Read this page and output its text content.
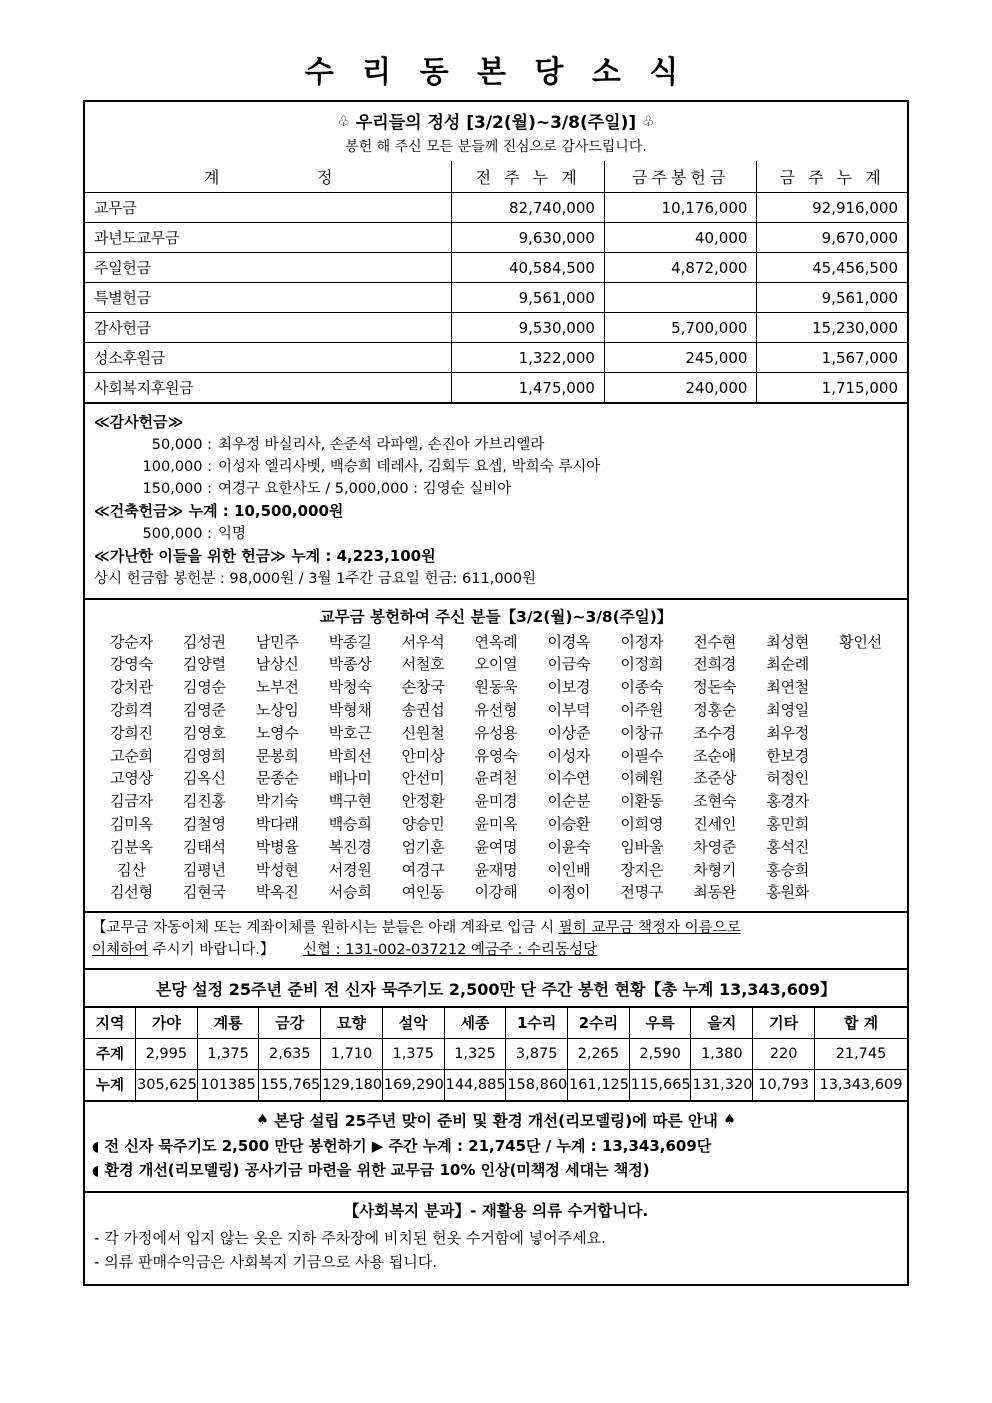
수 리 동 본 당 소 식
♧ 우리들의 정성 [3/2(월)~3/8(주일)] ♧
봉헌 해 주신 모든 분들께 진심으로 감사드립니다.
계 정	전 주 누 계	금주봉헌금	금 주 누 계
교무금	82,740,000	10,176,000	92,916,000
과년도교무금	9,630,000	40,000	9,670,000
주일헌금	40,584,500	4,872,000	45,456,500
특별헌금	9,561,000		9,561,000
감사헌금	9,530,000	5,700,000	15,230,000
성소후원금	1,322,000	245,000	1,567,000
사회복지후원금	1,475,000	240,000	1,715,000
≪감사헌금≫
50,000 : 최우정 바실리사, 손준석 라파엘, 손진아 가브리엘라
100,000 : 이성자 엘리사벳, 백승희 데레사, 김회두 요셉, 박희숙 루시아
150,000 : 여경구 요한사도 / 5,000,000 : 김영순 실비아
≪건축헌금≫ 누계 : 10,500,000원
500,000 : 익명
≪가난한 이들을 위한 헌금≫ 누계 : 4,223,100원
상시 헌금함 봉헌분 : 98,000원 / 3월 1주간 금요일 헌금: 611,000원
교무금 봉헌하여 주신 분들【3/2(월)~3/8(주일)】
강순자	김성권	남민주	박종길	서우석	연옥례	이경옥	이정자	전수현	최성현	황인선
강영숙	김양렬	남상신	박종상	서철호	오이열	이금숙	이정희	전희경	최순례
강치관	김영순	노부전	박청숙	손창국	원동욱	이보경	이종숙	정돈숙	최연철
강희격	김영준	노상임	박형채	송권섭	유선형	이부덕	이주원	정홍순	최영일
강희진	김영호	노영수	박호근	신원철	유성용	이상준	이창규	조수경	최우정
고순희	김영희	문봉희	박희선	안미상	유영숙	이성자	이필수	조순애	한보경
고영상	김옥신	문종순	배나미	안선미	윤려천	이수연	이혜원	조준상	허정인
김금자	김진홍	박기숙	백구현	안정환	윤미경	이순분	이환동	조현숙	홍경자
김미옥	김철영	박다래	백승희	양승민	윤미옥	이승환	이희영	진세인	홍민희
김분옥	김태석	박병율	복진경	엄기훈	윤여명	이윤숙	임바울	차영준	홍석진
김산	김평년	박성현	서경원	여경구	윤재명	이인배	장지은	차형기	홍승희
김선형	김현국	박옥진	서승희	여인동	이강해	이정이	전명구	최동완	홍원화
【교무금 자동이체 또는 계좌이체를 원하시는 분들은 아래 계좌로 입금 시 필히 교무금 책정자 이름으로
이체하여 주시기 바랍니다.】 신협 : 131-002-037212 예금주 : 수리동성당
본당 설정 25주년 준비 전 신자 묵주기도 2,500만 단 주간 봉헌 현황【총 누계 13,343,609】
지역	가야	계룡	금강	묘향	설악	세종	1수리	2수리	우륵	을지	기타	합 계
주계	2,995	1,375	2,635	1,710	1,375	1,325	3,875	2,265	2,590	1,380	220	21,745
누계	305,625	101385	155,765	129,180	169,290	144,885	158,860	161,125	115,665	131,320	10,793	13,343,609
♠ 본당 설립 25주년 맞이 준비 및 환경 개선(리모델링)에 따른 안내 ♠
◖ 전 신자 묵주기도 2,500 만단 봉헌하기 ▶ 주간 누계 : 21,745단 / 누계 : 13,343,609단
◖ 환경 개선(리모델링) 공사기금 마련을 위한 교무금 10% 인상(미책정 세대는 책정)
【사회복지 분과】- 재활용 의류 수거합니다.
- 각 가정에서 입지 않는 옷은 지하 주차장에 비치된 헌옷 수거함에 넣어주세요.
- 의류 판매수익금은 사회복지 기금으로 사용 됩니다.
